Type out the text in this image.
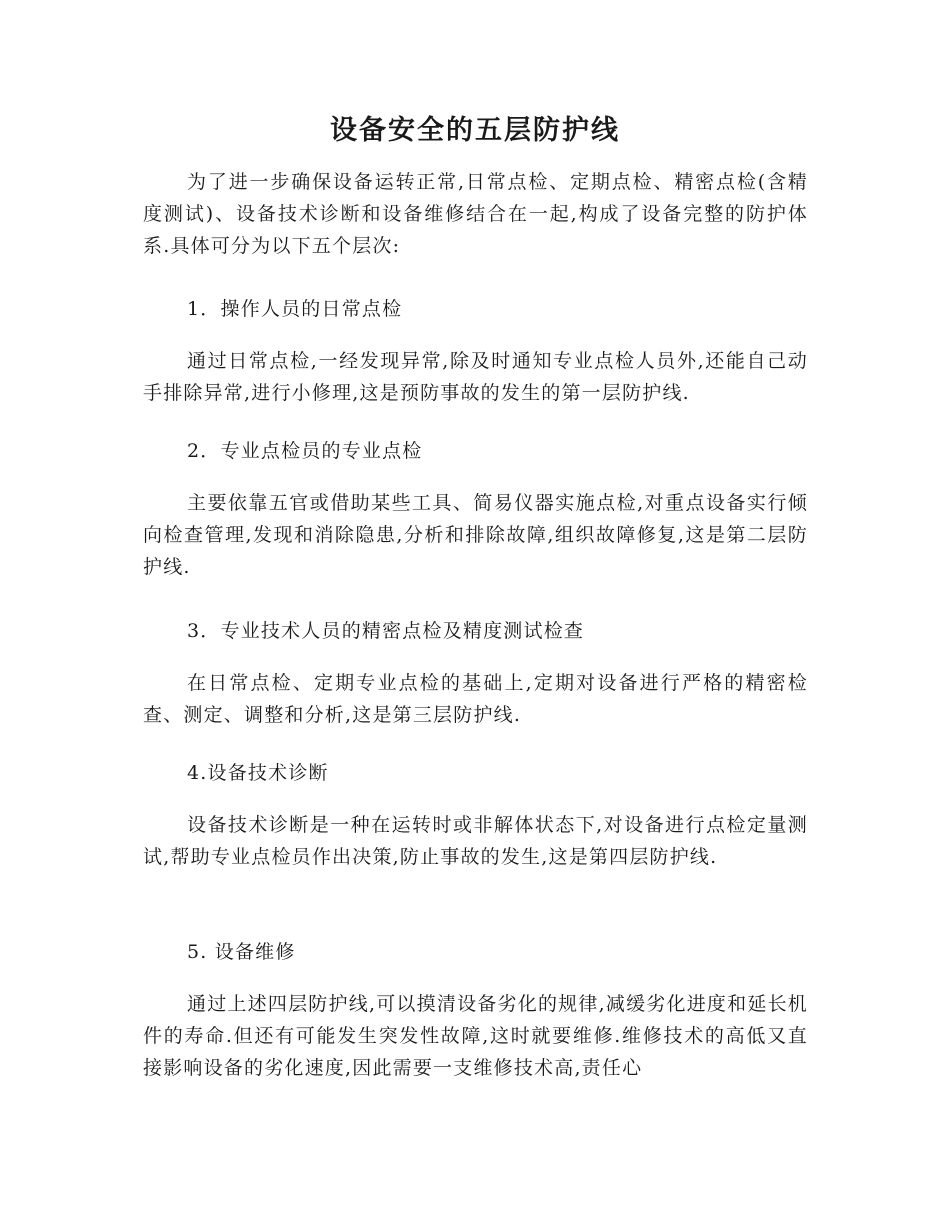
设备安全的五层防护线

为了进一步确保设备运转正常,日常点检、定期点检、精密点检(含精度测试)、设备技术诊断和设备维修结合在一起,构成了设备完整的防护体系.具体可分为以下五个层次:

1．操作人员的日常点检

通过日常点检,一经发现异常,除及时通知专业点检人员外,还能自己动手排除异常,进行小修理,这是预防事故的发生的第一层防护线.

2．专业点检员的专业点检

主要依靠五官或借助某些工具、简易仪器实施点检,对重点设备实行倾向检查管理,发现和消除隐患,分析和排除故障,组织故障修复,这是第二层防护线.

3．专业技术人员的精密点检及精度测试检查

在日常点检、定期专业点检的基础上,定期对设备进行严格的精密检查、测定、调整和分析,这是第三层防护线.

4.设备技术诊断

设备技术诊断是一种在运转时或非解体状态下,对设备进行点检定量测试,帮助专业点检员作出决策,防止事故的发生,这是第四层防护线.

5. 设备维修

通过上述四层防护线,可以摸清设备劣化的规律,减缓劣化进度和延长机件的寿命.但还有可能发生突发性故障,这时就要维修.维修技术的高低又直接影响设备的劣化速度,因此需要一支维修技术高,责任心
